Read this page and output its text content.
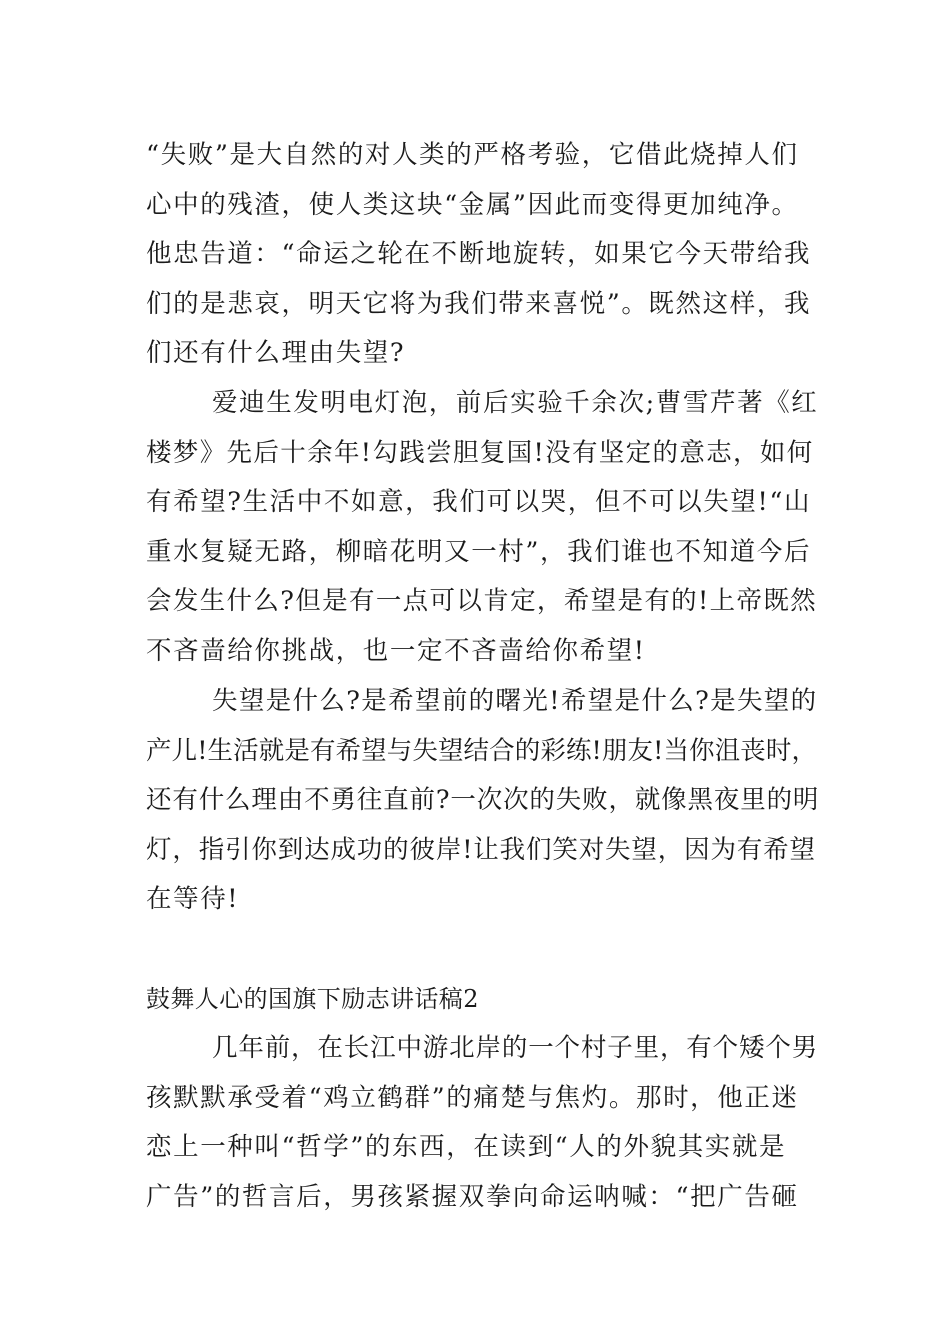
“失败”是大自然的对人类的严格考验，它借此烧掉人们
心中的残渣，使人类这块“金属”因此而变得更加纯净。
他忠告道：“命运之轮在不断地旋转，如果它今天带给我
们的是悲哀，明天它将为我们带来喜悦”。既然这样，我
们还有什么理由失望?
爱迪生发明电灯泡，前后实验千余次;曹雪芹著《红
楼梦》先后十余年!勾践尝胆复国!没有坚定的意志，如何
有希望?生活中不如意，我们可以哭，但不可以失望!“山
重水复疑无路，柳暗花明又一村”，我们谁也不知道今后
会发生什么?但是有一点可以肯定，希望是有的!上帝既然
不吝啬给你挑战，也一定不吝啬给你希望!
失望是什么?是希望前的曙光!希望是什么?是失望的
产儿!生活就是有希望与失望结合的彩练!朋友!当你沮丧时，
还有什么理由不勇往直前?一次次的失败，就像黑夜里的明
灯，指引你到达成功的彼岸!让我们笑对失望，因为有希望
在等待!
鼓舞人心的国旗下励志讲话稿2
几年前，在长江中游北岸的一个村子里，有个矮个男
孩默默承受着“鸡立鹤群”的痛楚与焦灼。那时，他正迷
恋上一种叫“哲学”的东西，在读到“人的外貌其实就是
广告”的哲言后，男孩紧握双拳向命运呐喊：“把广告砸
